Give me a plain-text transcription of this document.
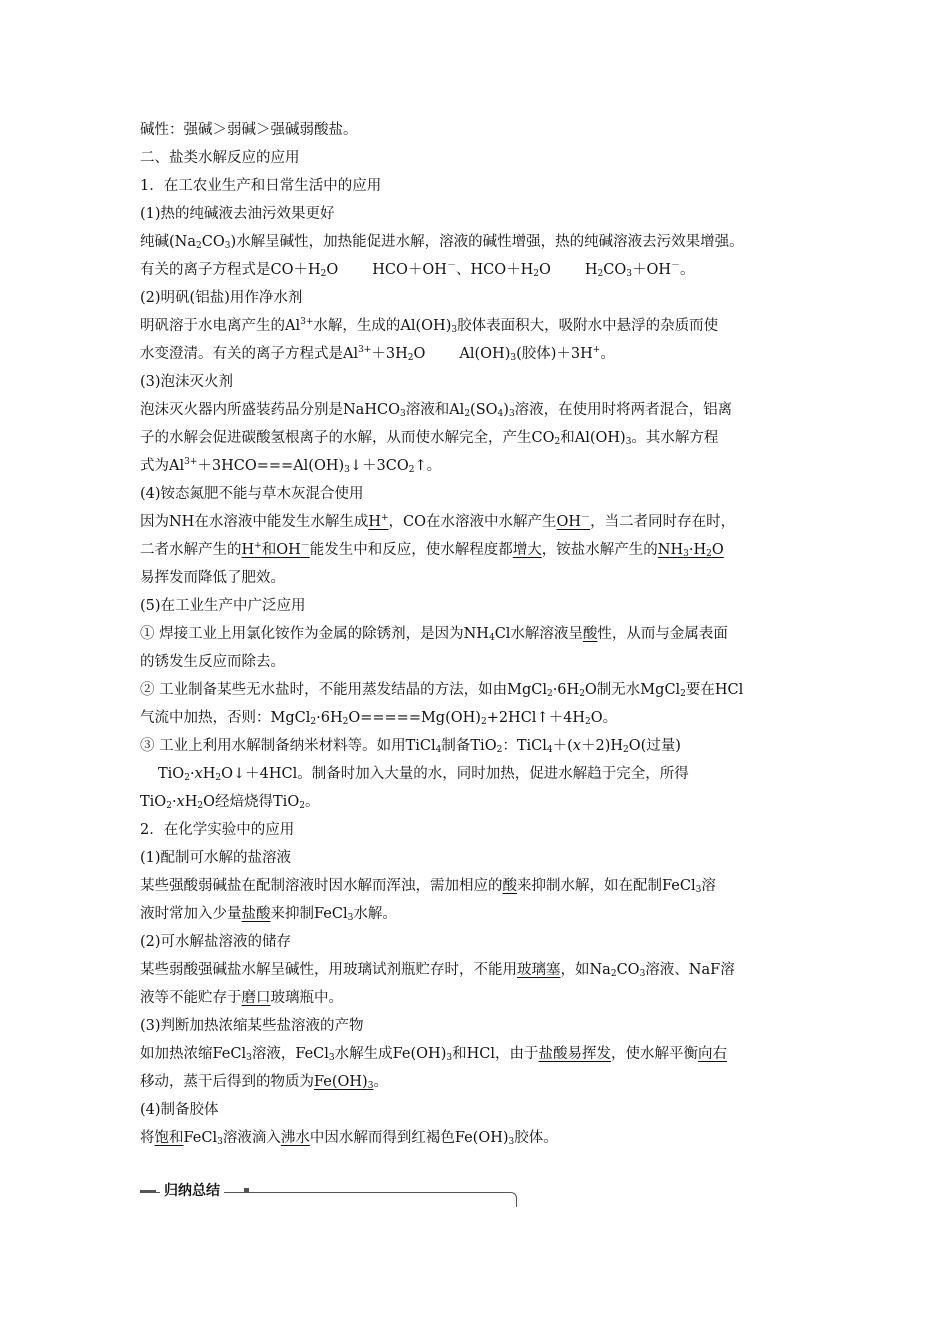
碱性：强碱＞弱碱＞强碱弱酸盐。
二、盐类水解反应的应用
1．在工农业生产和日常生活中的应用
(1)热的纯碱液去油污效果更好
纯碱$(Na_2CO_3)$水解呈碱性，加热能促进水解，溶液的碱性增强，热的纯碱溶液去污效果增强。
有关的离子方程式是$CO+H_2O$ HCO＋OH－、$HCO+H_2O$ $H_2CO_3+OH^-$。
(2)明矾(铝盐)用作净水剂
明矾溶于水电离产生的$Al^{3+}$水解，生成的$Al(OH)_3$胶体表面积大，吸附水中悬浮的杂质而使
水变澄清。有关的离子方程式是$Al^{3+}+3H_2O$ $Al(OH)_3$(胶体)＋3H+。
(3)泡沫灭火剂
泡沫灭火器内所盛装药品分别是NaHCO$_3$溶液和$Al_2(SO_4)_3$溶液，在使用时将两者混合，铝离
子的水解会促进碳酸氢根离子的水解，从而使水解完全，产生$CO_2$和$Al(OH)_3$。其水解方程
式为$Al^{3+}+3HCO===Al(OH)_3↓+3CO_2↑$。
(4)铵态氮肥不能与草木灰混合使用
因为NH在水溶液中能发生水解生成H+，CO在水溶液中水解产生OH－，当二者同时存在时，
二者水解产生的H+和OH－能发生中和反应，使水解程度都增大，铵盐水解产生的$NH_3\cdot H_2O$
易挥发而降低了肥效。
(5)在工业生产中广泛应用
① 焊接工业上用氯化铵作为金属的除锈剂，是因为$NH_4Cl$水解溶液呈酸性，从而与金属表面
的锈发生反应而除去。
② 工业制备某些无水盐时，不能用蒸发结晶的方法，如由$MgCl_2\cdot 6H_2O$制无水MgCl$_2$要在HCl
气流中加热，否则：$MgCl_2\cdot 6H_2O=====Mg(OH)_2+2HCl↑+4H_2O$。
③ 工业上利用水解制备纳米材料等。如用TiCl$_4$制备TiO$_2$：$TiCl_4+(x+2)H_2O$(过量)
$TiO_2\cdot xH_2O↓+4HCl$。制备时加入大量的水，同时加热，促进水解趋于完全，所得
$TiO_2\cdot xH_2O$经焙烧得TiO$_2$。
2．在化学实验中的应用
(1)配制可水解的盐溶液
某些强酸弱碱盐在配制溶液时因水解而浑浊，需加相应的酸来抑制水解，如在配制FeCl$_3$溶
液时常加入少量盐酸来抑制FeCl$_3$水解。
(2)可水解盐溶液的储存
某些弱酸强碱盐水解呈碱性，用玻璃试剂瓶贮存时，不能用玻璃塞，如$Na_2CO_3$溶液、NaF溶
液等不能贮存于磨口玻璃瓶中。
(3)判断加热浓缩某些盐溶液的产物
如加热浓缩FeCl$_3$溶液，FeCl$_3$水解生成$Fe(OH)_3$和HCl，由于盐酸易挥发，使水解平衡向右
移动，蒸干后得到的物质为$Fe(OH)_3$。
(4)制备胶体
将饱和FeCl$_3$溶液滴入沸水中因水解而得到红褐色$Fe(OH)_3$胶体。
归纳总结
